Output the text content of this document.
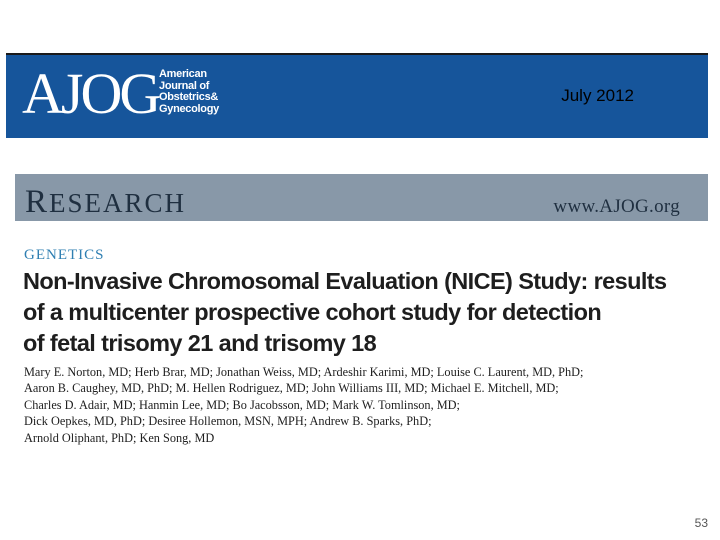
AJOG American
Journal of
Obstetrics&
Gynecology
July 2012
RESEARCH	www.AJOG.org
GENETICS
Non-Invasive Chromosomal Evaluation (NICE) Study: results
of a multicenter prospective cohort study for detection
of fetal trisomy 21 and trisomy 18
Mary E. Norton, MD; Herb Brar, MD; Jonathan Weiss, MD; Ardeshir Karimi, MD; Louise C. Laurent, MD, PhD;
Aaron B. Caughey, MD, PhD; M. Hellen Rodriguez, MD; John Williams III, MD; Michael E. Mitchell, MD;
Charles D. Adair, MD; Hanmin Lee, MD; Bo Jacobsson, MD; Mark W. Tomlinson, MD;
Dick Oepkes, MD, PhD; Desiree Hollemon, MSN, MPH; Andrew B. Sparks, PhD;
Arnold Oliphant, PhD; Ken Song, MD
53
